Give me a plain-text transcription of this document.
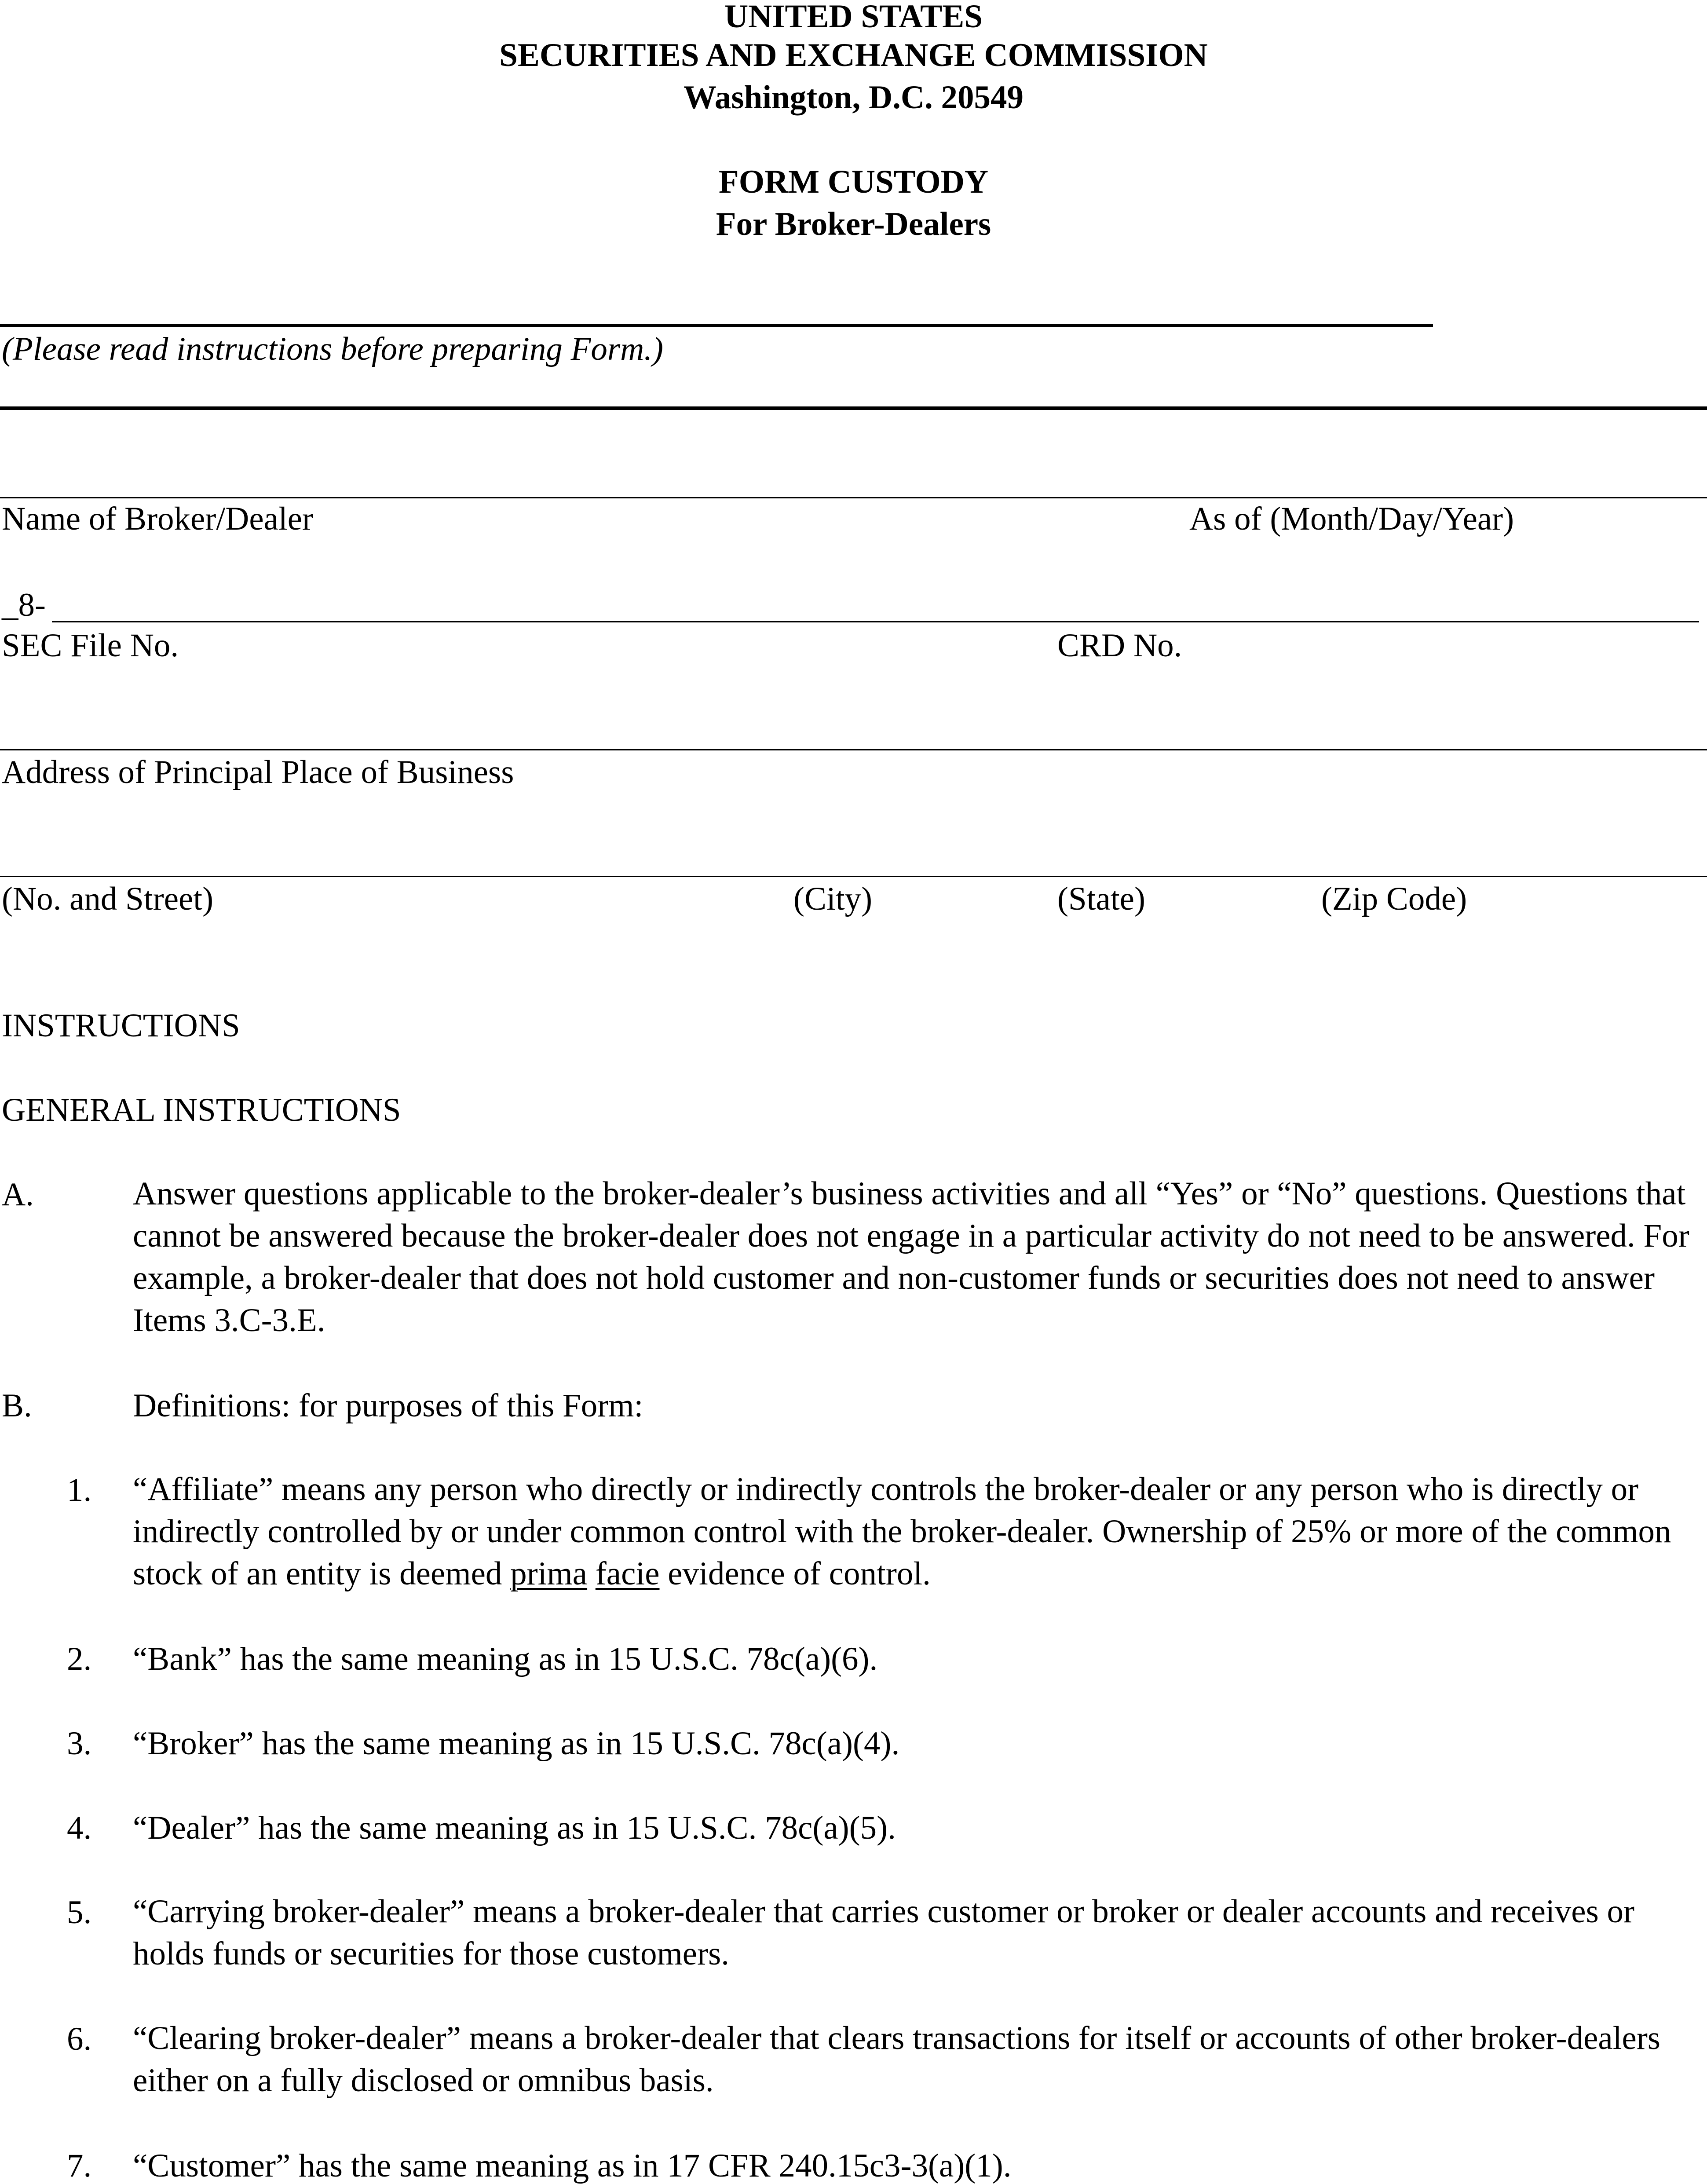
UNITED STATES
SECURITIES AND EXCHANGE COMMISSION
Washington, D.C. 20549
FORM CUSTODY
For Broker-Dealers
(Please read instructions before preparing Form.)
Name of Broker/Dealer	As of (Month/Day/Year)
_8-
SEC File No.	CRD No.
Address of Principal Place of Business
(No. and Street)	(City)	(State)	(Zip Code)
INSTRUCTIONS
GENERAL INSTRUCTIONS
A.	Answer questions applicable to the broker-dealer’s business activities and all “Yes” or “No” questions. Questions that cannot be answered because the broker-dealer does not engage in a particular activity do not need to be answered. For example, a broker-dealer that does not hold customer and non-customer funds or securities does not need to answer Items 3.C-3.E.
B.	Definitions: for purposes of this Form:
1. “Affiliate” means any person who directly or indirectly controls the broker-dealer or any person who is directly or indirectly controlled by or under common control with the broker-dealer. Ownership of 25% or more of the common stock of an entity is deemed prima facie evidence of control.
2. “Bank” has the same meaning as in 15 U.S.C. 78c(a)(6).
3. “Broker” has the same meaning as in 15 U.S.C. 78c(a)(4).
4. “Dealer” has the same meaning as in 15 U.S.C. 78c(a)(5).
5. “Carrying broker-dealer” means a broker-dealer that carries customer or broker or dealer accounts and receives or holds funds or securities for those customers.
6. “Clearing broker-dealer” means a broker-dealer that clears transactions for itself or accounts of other broker-dealers either on a fully disclosed or omnibus basis.
7. “Customer” has the same meaning as in 17 CFR 240.15c3-3(a)(1).
